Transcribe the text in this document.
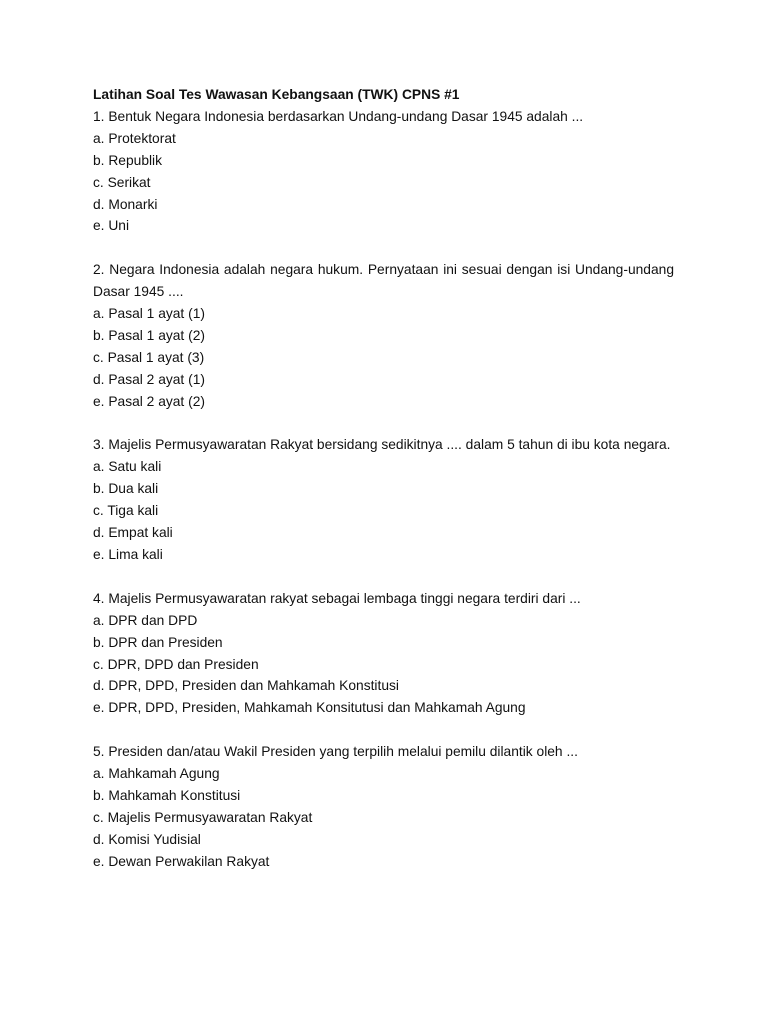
Latihan Soal Tes Wawasan Kebangsaan (TWK) CPNS #1

1. Bentuk Negara Indonesia berdasarkan Undang-undang Dasar 1945 adalah ...

a. Protektorat

b. Republik

c. Serikat

d. Monarki

e. Uni

2. Negara Indonesia adalah negara hukum. Pernyataan ini sesuai dengan isi Undang-undang Dasar 1945 ....

a. Pasal 1 ayat (1)

b. Pasal 1 ayat (2)

c. Pasal 1 ayat (3)

d. Pasal 2 ayat (1)

e. Pasal 2 ayat (2)

3. Majelis Permusyawaratan Rakyat bersidang sedikitnya .... dalam 5 tahun di ibu kota negara.

a. Satu kali

b. Dua kali

c. Tiga kali

d. Empat kali

e. Lima kali

4. Majelis Permusyawaratan rakyat sebagai lembaga tinggi negara terdiri dari ...

a. DPR dan DPD

b. DPR dan Presiden

c. DPR, DPD dan Presiden

d. DPR, DPD, Presiden dan Mahkamah Konstitusi

e. DPR, DPD, Presiden, Mahkamah Konsitutusi dan Mahkamah Agung

5. Presiden dan/atau Wakil Presiden yang terpilih melalui pemilu dilantik oleh ...

a. Mahkamah Agung

b. Mahkamah Konstitusi

c. Majelis Permusyawaratan Rakyat

d. Komisi Yudisial

e. Dewan Perwakilan Rakyat
